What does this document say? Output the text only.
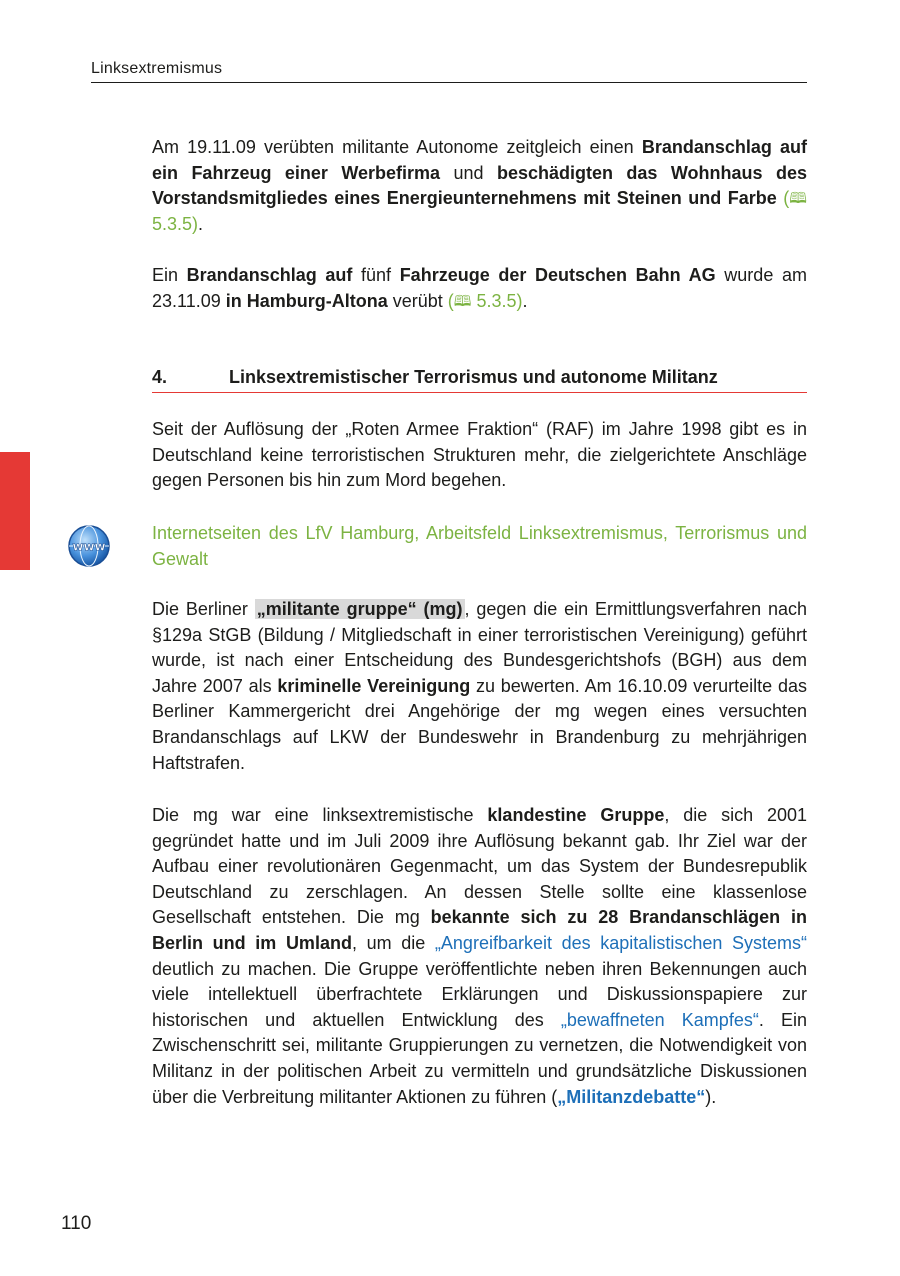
Linksextremismus

Am 19.11.09 verübten militante Autonome zeitgleich einen Brandanschlag auf ein Fahrzeug einer Werbefirma und beschädigten das Wohnhaus des Vorstandsmitgliedes eines Energieunternehmens mit Steinen und Farbe (🕮 5.3.5).

Ein Brandanschlag auf fünf Fahrzeuge der Deutschen Bahn AG wurde am 23.11.09 in Hamburg-Altona verübt (🕮 5.3.5).

4.	Linksextremistischer Terrorismus und autonome Militanz

Seit der Auflösung der „Roten Armee Fraktion“ (RAF) im Jahre 1998 gibt es in Deutschland keine terroristischen Strukturen mehr, die zielgerichtete Anschläge gegen Personen bis hin zum Mord begehen.

www

Internetseiten des LfV Hamburg, Arbeitsfeld Linksextremismus, Terrorismus und Gewalt

Die Berliner „militante gruppe“ (mg) , gegen die ein Ermittlungsverfahren nach §129a StGB (Bildung / Mitgliedschaft in einer terroristischen Vereinigung) geführt wurde, ist nach einer Entscheidung des Bundesgerichtshofs (BGH) aus dem Jahre 2007 als kriminelle Vereinigung zu bewerten. Am 16.10.09 verurteilte das Berliner Kammergericht drei Angehörige der mg wegen eines versuchten Brandanschlags auf LKW der Bundeswehr in Brandenburg zu mehrjährigen Haftstrafen.

Die mg war eine linksextremistische klandestine Gruppe, die sich 2001 gegründet hatte und im Juli 2009 ihre Auflösung bekannt gab. Ihr Ziel war der Aufbau einer revolutionären Gegenmacht, um das System der Bundesrepublik Deutschland zu zerschlagen. An dessen Stelle sollte eine klassenlose Gesellschaft entstehen. Die mg bekannte sich zu 28 Brandanschlägen in Berlin und im Umland, um die „Angreifbarkeit des kapitalistischen Systems“ deutlich zu machen. Die Gruppe veröffentlichte neben ihren Bekennungen auch viele intellektuell überfrachtete Erklärungen und Diskussionspapiere zur historischen und aktuellen Entwicklung des „bewaffneten Kampfes“. Ein Zwischenschritt sei, militante Gruppierungen zu vernetzen, die Notwendigkeit von Militanz in der politischen Arbeit zu vermitteln und grundsätzliche Diskussionen über die Verbreitung militanter Aktionen zu führen („Militanzdebatte“).

110
